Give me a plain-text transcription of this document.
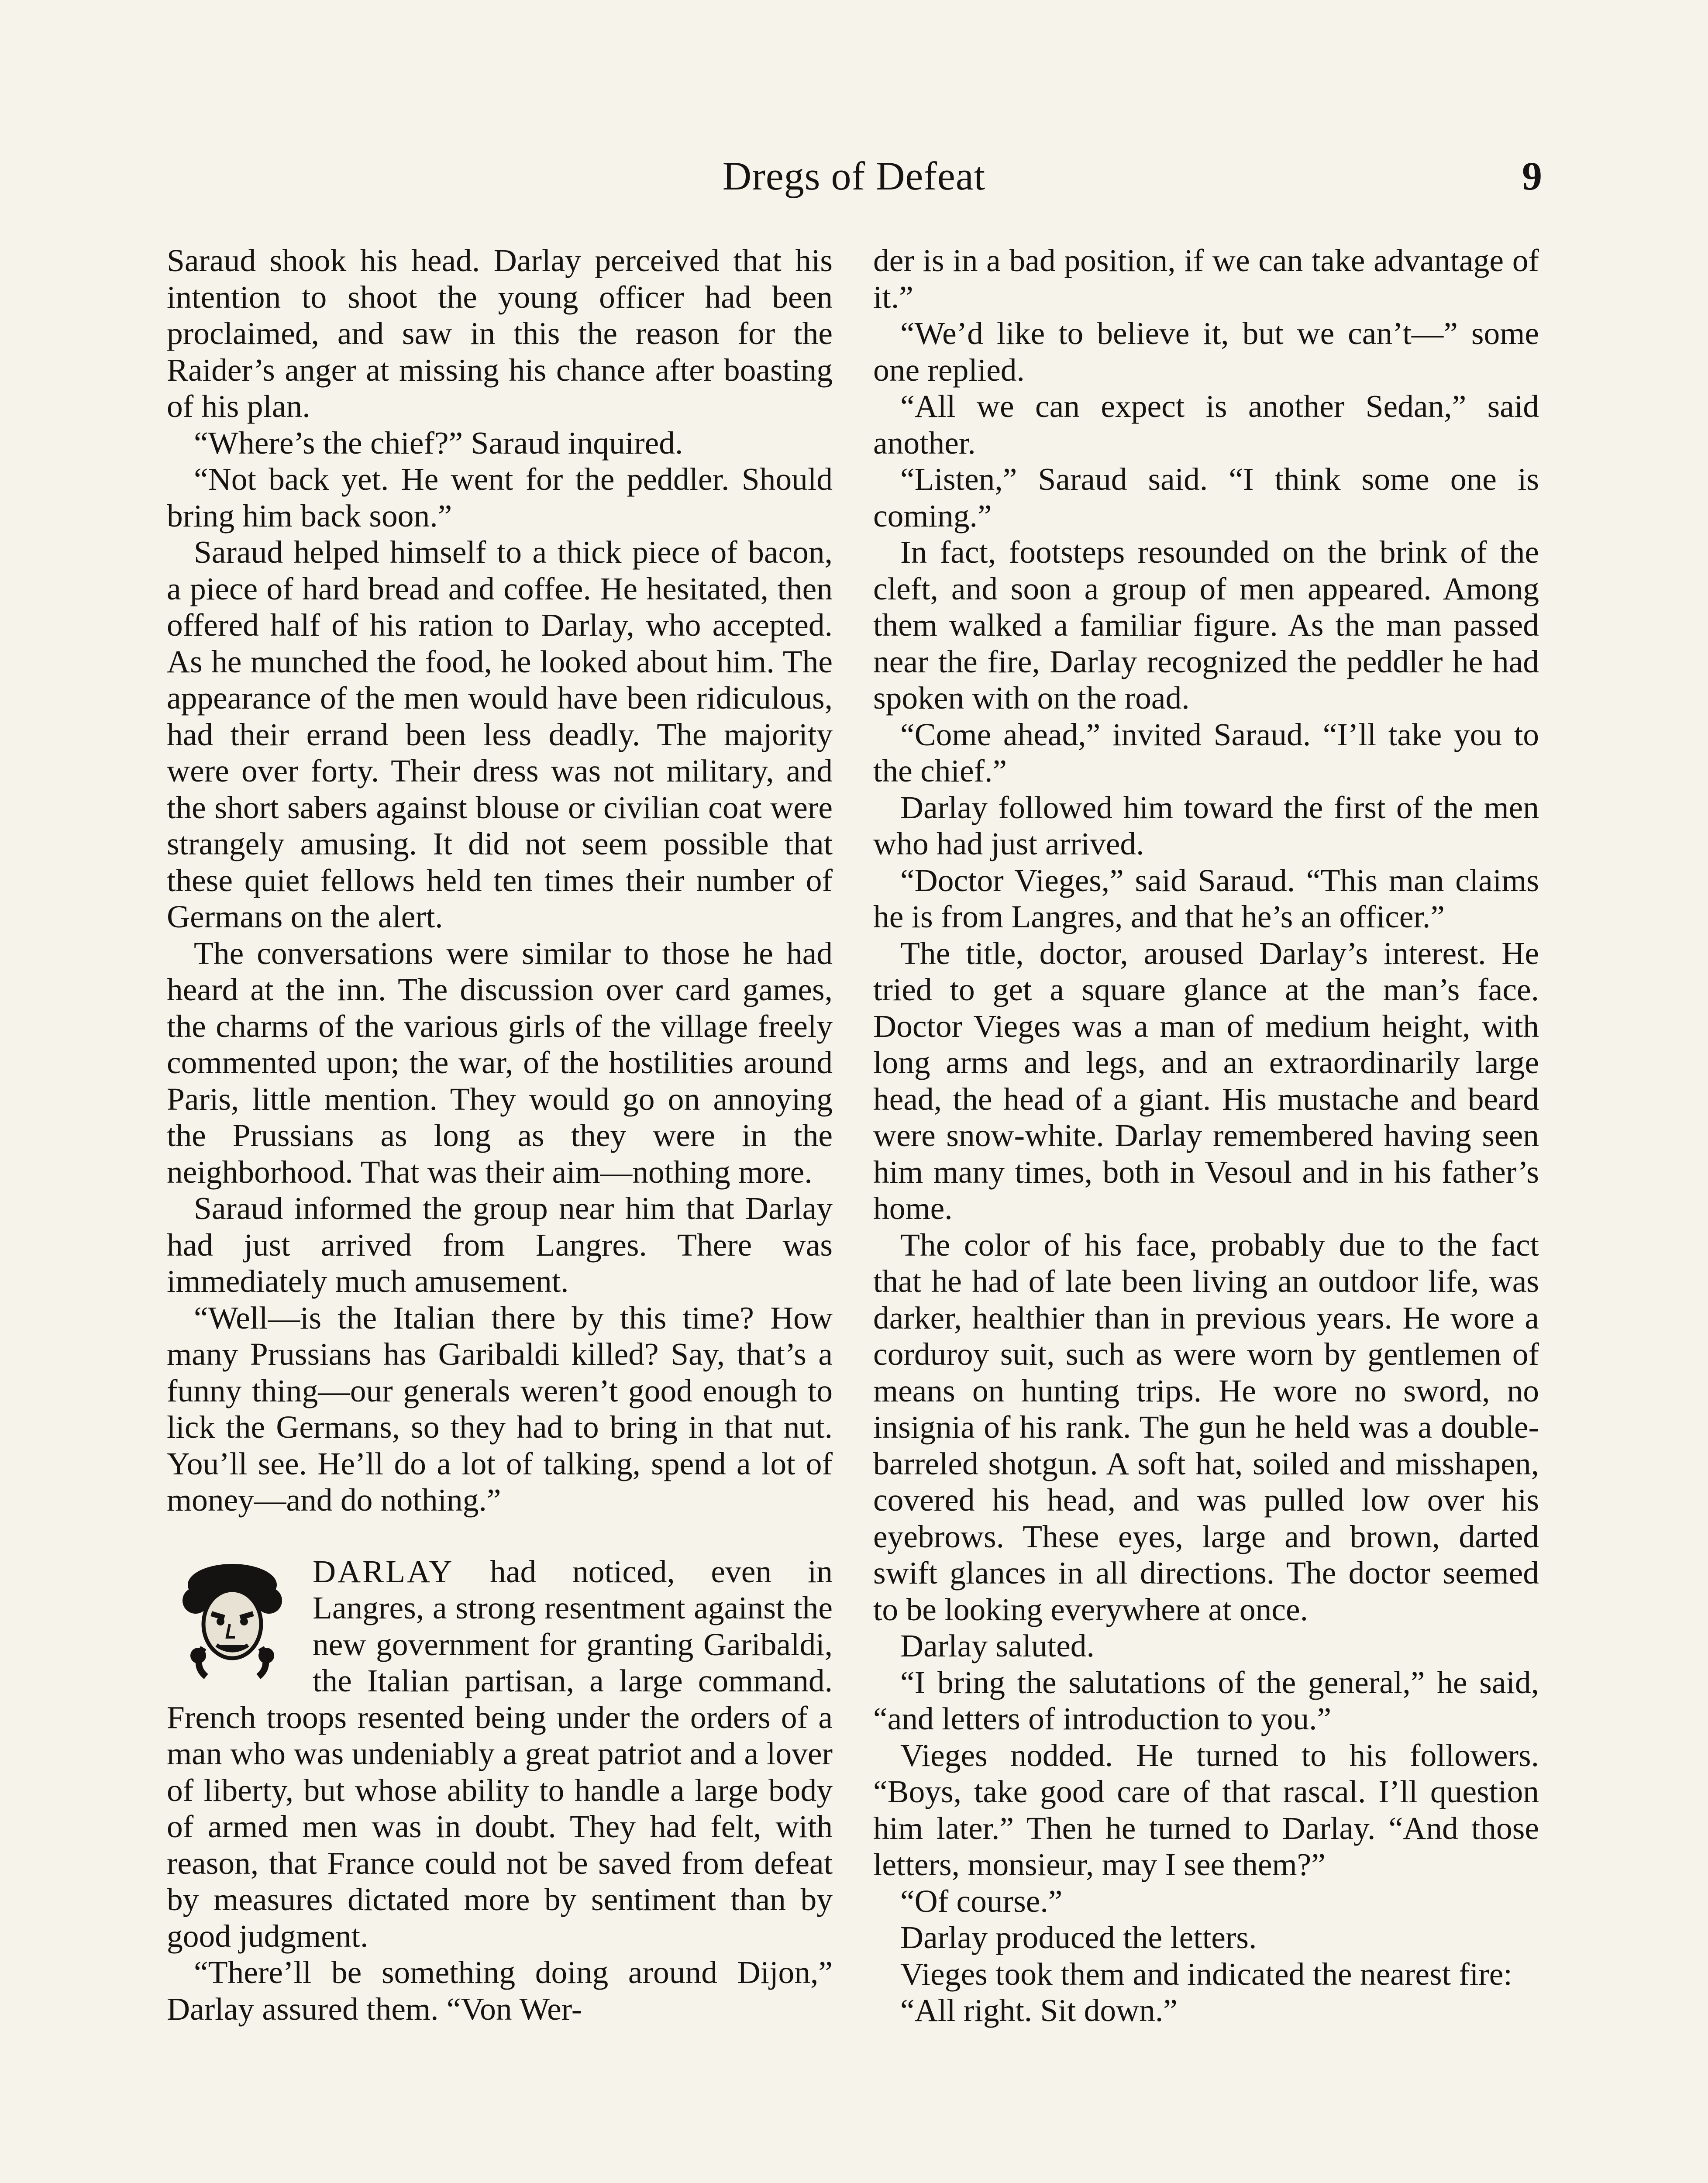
Dregs of Defeat	9

Saraud shook his head. Darlay perceived that his intention to shoot the young officer had been proclaimed, and saw in this the reason for the Raider’s anger at missing his chance after boasting of his plan.

“Where’s the chief?” Saraud inquired.

“Not back yet. He went for the peddler. Should bring him back soon.”

Saraud helped himself to a thick piece of bacon, a piece of hard bread and coffee. He hesitated, then offered half of his ration to Darlay, who accepted. As he munched the food, he looked about him. The appearance of the men would have been ridiculous, had their errand been less deadly. The majority were over forty. Their dress was not military, and the short sabers against blouse or civilian coat were strangely amusing. It did not seem possible that these quiet fellows held ten times their number of Germans on the alert.

The conversations were similar to those he had heard at the inn. The discussion over card games, the charms of the various girls of the village freely commented upon; the war, of the hostilities around Paris, little mention. They would go on annoying the Prussians as long as they were in the neighborhood. That was their aim—nothing more.

Saraud informed the group near him that Darlay had just arrived from Langres. There was immediately much amusement.

“Well—is the Italian there by this time? How many Prussians has Garibaldi killed? Say, that’s a funny thing—our generals weren’t good enough to lick the Germans, so they had to bring in that nut. You’ll see. He’ll do a lot of talking, spend a lot of money—and do nothing.”

DARLAY had noticed, even in Langres, a strong resentment against the new government for granting Garibaldi, the Italian partisan, a large command. French troops resented being under the orders of a man who was undeniably a great patriot and a lover of liberty, but whose ability to handle a large body of armed men was in doubt. They had felt, with reason, that France could not be saved from defeat by measures dictated more by sentiment than by good judgment.

“There’ll be something doing around Dijon,” Darlay assured them. “Von Wer-

der is in a bad position, if we can take advantage of it.”

“We’d like to believe it, but we can’t—” some one replied.

“All we can expect is another Sedan,” said another.

“Listen,” Saraud said. “I think some one is coming.”

In fact, footsteps resounded on the brink of the cleft, and soon a group of men appeared. Among them walked a familiar figure. As the man passed near the fire, Darlay recognized the peddler he had spoken with on the road.

“Come ahead,” invited Saraud. “I’ll take you to the chief.”

Darlay followed him toward the first of the men who had just arrived.

“Doctor Vieges,” said Saraud. “This man claims he is from Langres, and that he’s an officer.”

The title, doctor, aroused Darlay’s interest. He tried to get a square glance at the man’s face. Doctor Vieges was a man of medium height, with long arms and legs, and an extraordinarily large head, the head of a giant. His mustache and beard were snow-white. Darlay remembered having seen him many times, both in Vesoul and in his father’s home.

The color of his face, probably due to the fact that he had of late been living an outdoor life, was darker, healthier than in previous years. He wore a corduroy suit, such as were worn by gentlemen of means on hunting trips. He wore no sword, no insignia of his rank. The gun he held was a double-barreled shotgun. A soft hat, soiled and misshapen, covered his head, and was pulled low over his eyebrows. These eyes, large and brown, darted swift glances in all directions. The doctor seemed to be looking everywhere at once.

Darlay saluted.

“I bring the salutations of the general,” he said, “and letters of introduction to you.”

Vieges nodded. He turned to his followers. “Boys, take good care of that rascal. I’ll question him later.” Then he turned to Darlay. “And those letters, monsieur, may I see them?”

“Of course.”

Darlay produced the letters.

Vieges took them and indicated the nearest fire:

“All right. Sit down.”
